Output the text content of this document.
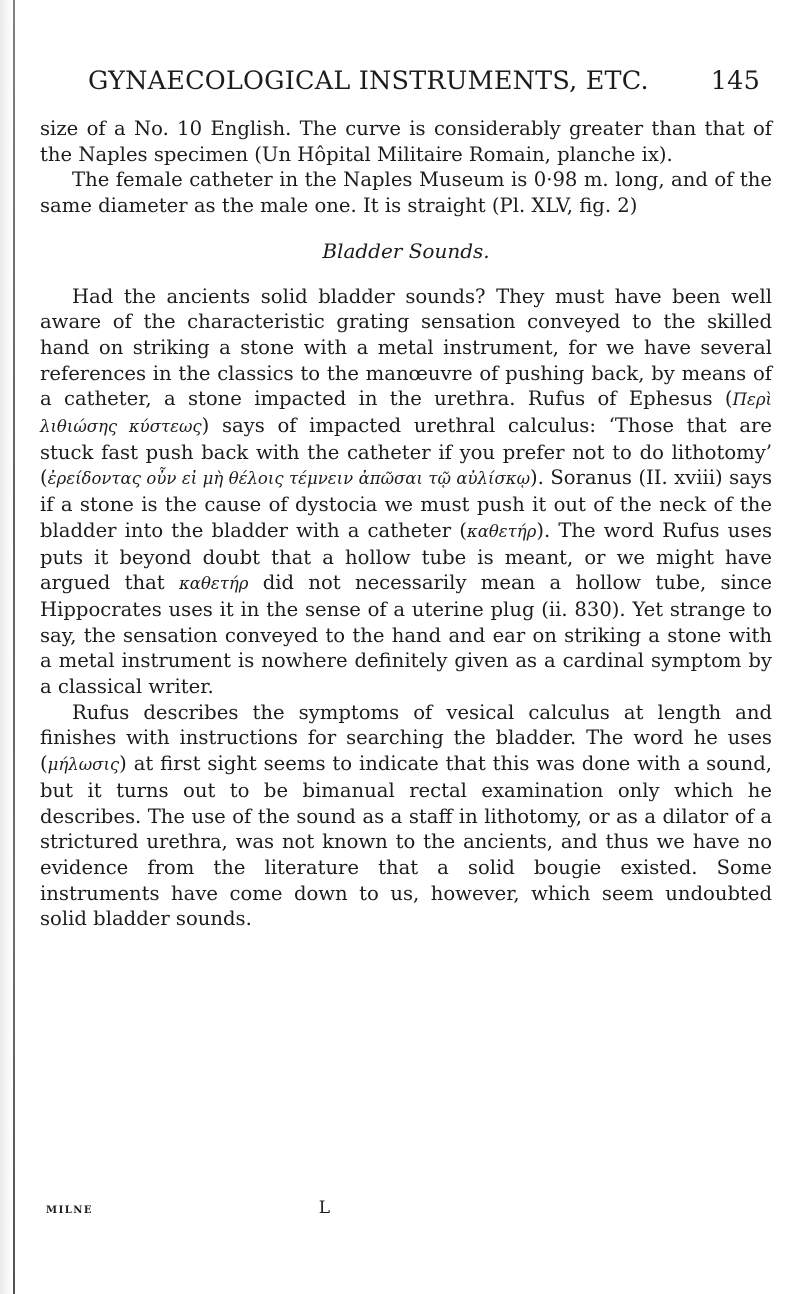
GYNAECOLOGICAL INSTRUMENTS, ETC. 145

size of a No. 10 English. The curve is considerably greater than that of the Naples specimen (Un Hôpital Militaire Romain, planche ix).

The female catheter in the Naples Museum is 0·98 m. long, and of the same diameter as the male one. It is straight (Pl. XLV, fig. 2)

Bladder Sounds.

Had the ancients solid bladder sounds? They must have been well aware of the characteristic grating sensation conveyed to the skilled hand on striking a stone with a metal instrument, for we have several references in the classics to the manœuvre of pushing back, by means of a catheter, a stone impacted in the urethra. Rufus of Ephesus (Περὶ λιθιώσης κύστεως) says of impacted urethral calculus: ‘Those that are stuck fast push back with the catheter if you prefer not to do lithotomy’ (ἐρείδοντας οὖν εἰ μὴ θέλοις τέμνειν ἀπῶσαι τῷ αὐλίσκῳ). Soranus (II. xviii) says if a stone is the cause of dystocia we must push it out of the neck of the bladder into the bladder with a catheter (καθετήρ). The word Rufus uses puts it beyond doubt that a hollow tube is meant, or we might have argued that καθετήρ did not necessarily mean a hollow tube, since Hippocrates uses it in the sense of a uterine plug (ii. 830). Yet strange to say, the sensation conveyed to the hand and ear on striking a stone with a metal instrument is nowhere definitely given as a cardinal symptom by a classical writer.

Rufus describes the symptoms of vesical calculus at length and finishes with instructions for searching the bladder. The word he uses (μήλωσις) at first sight seems to indicate that this was done with a sound, but it turns out to be bimanual rectal examination only which he describes. The use of the sound as a staff in lithotomy, or as a dilator of a strictured urethra, was not known to the ancients, and thus we have no evidence from the literature that a solid bougie existed. Some instruments have come down to us, however, which seem undoubted solid bladder sounds.

MILNE	L
